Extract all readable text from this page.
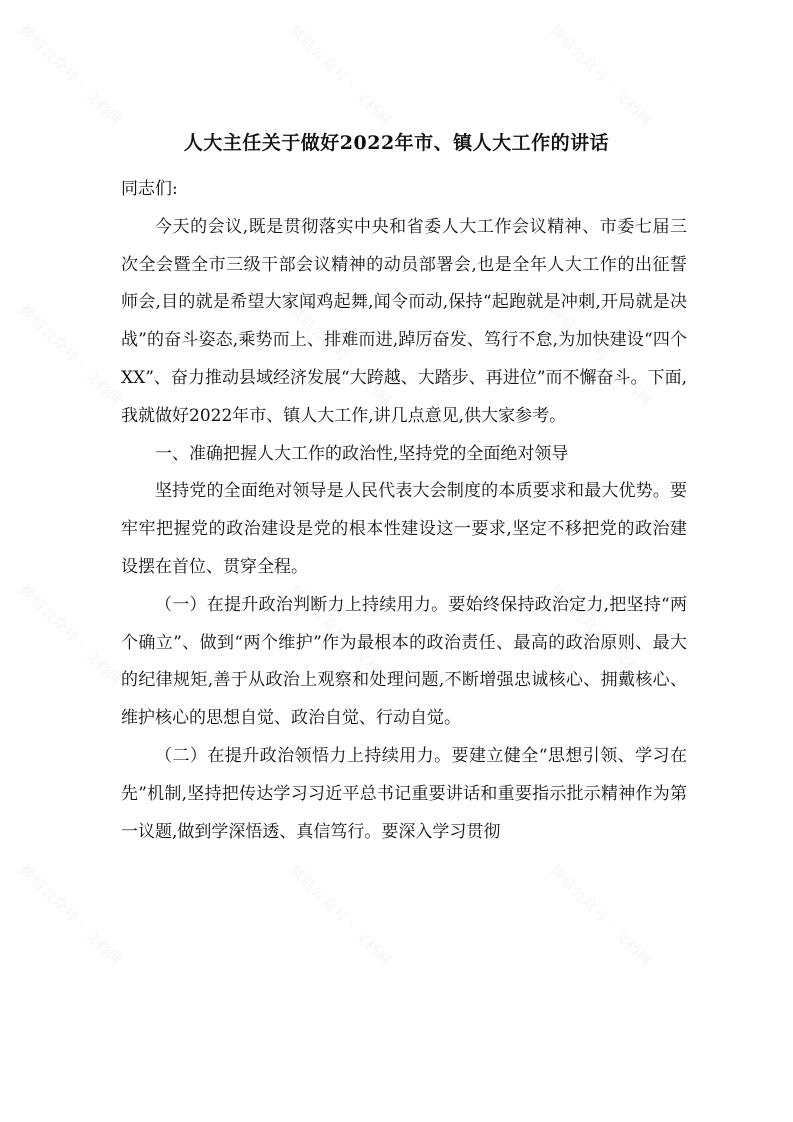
人大主任关于做好2022年市、镇人大工作的讲话

同志们:

今天的会议,既是贯彻落实中央和省委人大工作会议精神、市委七届三次全会暨全市三级干部会议精神的动员部署会,也是全年人大工作的出征誓师会,目的就是希望大家闻鸡起舞,闻令而动,保持“起跑就是冲刺,开局就是决战”的奋斗姿态,乘势而上、排难而进,踔厉奋发、笃行不怠,为加快建设“四个XX”、奋力推动县域经济发展“大跨越、大踏步、再进位”而不懈奋斗。下面,我就做好2022年市、镇人大工作,讲几点意见,供大家参考。

一、准确把握人大工作的政治性,坚持党的全面绝对领导

坚持党的全面绝对领导是人民代表大会制度的本质要求和最大优势。要牢牢把握党的政治建设是党的根本性建设这一要求,坚定不移把党的政治建设摆在首位、贯穿全程。

（一）在提升政治判断力上持续用力。要始终保持政治定力,把坚持“两个确立”、做到“两个维护”作为最根本的政治责任、最高的政治原则、最大的纪律规矩,善于从政治上观察和处理问题,不断增强忠诚核心、拥戴核心、维护核心的思想自觉、政治自觉、行动自觉。

（二）在提升政治领悟力上持续用力。要建立健全“思想引领、学习在先”机制,坚持把传达学习习近平总书记重要讲话和重要指示批示精神作为第一议题,做到学深悟透、真信笃行。要深入学习贯彻

微信公众号 · 文档网	微信公众号 · 文档网	微信公众号 · 文档网
微信公众号 · 文档网	微信公众号 · 文档网	微信公众号 · 文档网
微信公众号 · 文档网	微信公众号 · 文档网	微信公众号 · 文档网
微信公众号 · 文档网	微信公众号 · 文档网	微信公众号 · 文档网
